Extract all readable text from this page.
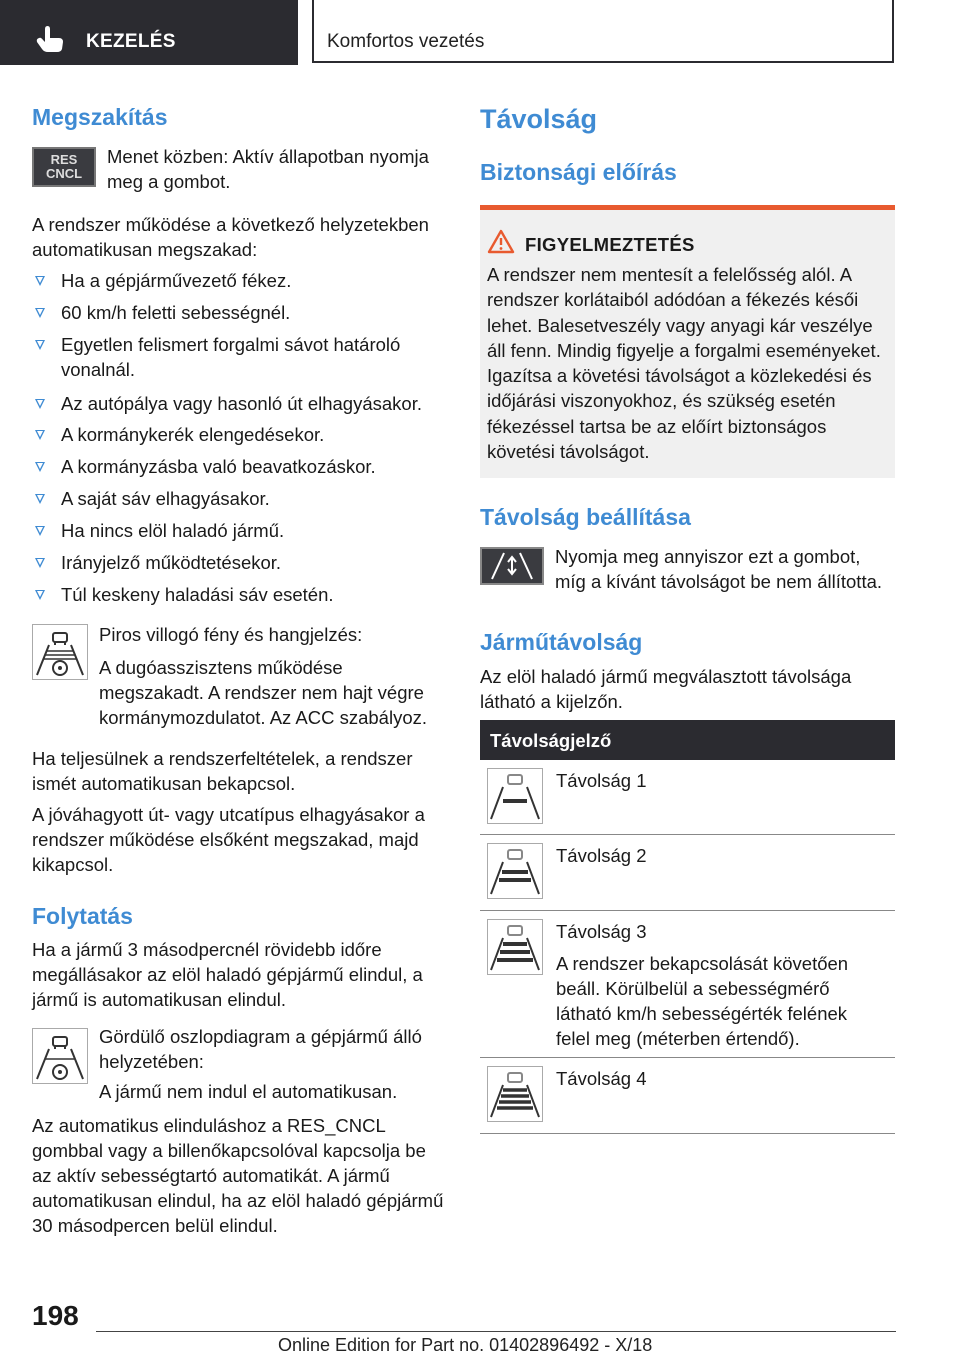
KEZELÉS	Komfortos vezetés
Megszakítás
RES
CNCL
Menet közben: Aktív állapotban nyomja meg a gombot.
A rendszer működése a következő helyzetekben automatikusan megszakad:
Ha a gépjárművezető fékez.
60 km/h feletti sebességnél.
Egyetlen felismert forgalmi sávot határoló vonalnál.
Az autópálya vagy hasonló út elhagyásakor.
A kormánykerék elengedésekor.
A kormányzásba való beavatkozáskor.
A saját sáv elhagyásakor.
Ha nincs elöl haladó jármű.
Irányjelző működtetésekor.
Túl keskeny haladási sáv esetén.
Piros villogó fény és hangjelzés:
A dugóasszisztens működése megszakadt. A rendszer nem hajt végre kormánymozdulatot. Az ACC szabályoz.
Ha teljesülnek a rendszerfeltételek, a rendszer ismét automatikusan bekapcsol.
A jóváhagyott út- vagy utcatípus elhagyásakor a rendszer működése elsőként megszakad, majd kikapcsol.
Folytatás
Ha a jármű 3 másodpercnél rövidebb időre megállásakor az elöl haladó gépjármű elindul, a jármű is automatikusan elindul.
Gördülő oszlopdiagram a gépjármű álló helyzetében:
A jármű nem indul el automatikusan.
Az automatikus elinduláshoz a RES_CNCL gombbal vagy a billenőkapcsolóval kapcsolja be az aktív sebességtartó automatikát. A jármű automatikusan elindul, ha az elöl haladó gépjármű 30 másodpercen belül elindul.
Távolság
Biztonsági előírás
FIGYELMEZTETÉS
A rendszer nem mentesít a felelősség alól. A rendszer korlátaiból adódóan a fékezés késői lehet. Balesetveszély vagy anyagi kár veszélye áll fenn. Mindig figyelje a forgalmi eseményeket. Igazítsa a követési távolságot a közlekedési és időjárási viszonyokhoz, és szükség esetén fékezéssel tartsa be az előírt biztonságos követési távolságot.
Távolság beállítása
Nyomja meg annyiszor ezt a gombot, míg a kívánt távolságot be nem állította.
Járműtávolság
Az elöl haladó jármű megválasztott távolsága látható a kijelzőn.
Távolságjelző
Távolság 1
Távolság 2
Távolság 3
A rendszer bekapcsolását követően beáll. Körülbelül a sebességmérő látható km/h sebességérték felének felel meg (méterben értendő).
Távolság 4
198
Online Edition for Part no. 01402896492 - X/18
